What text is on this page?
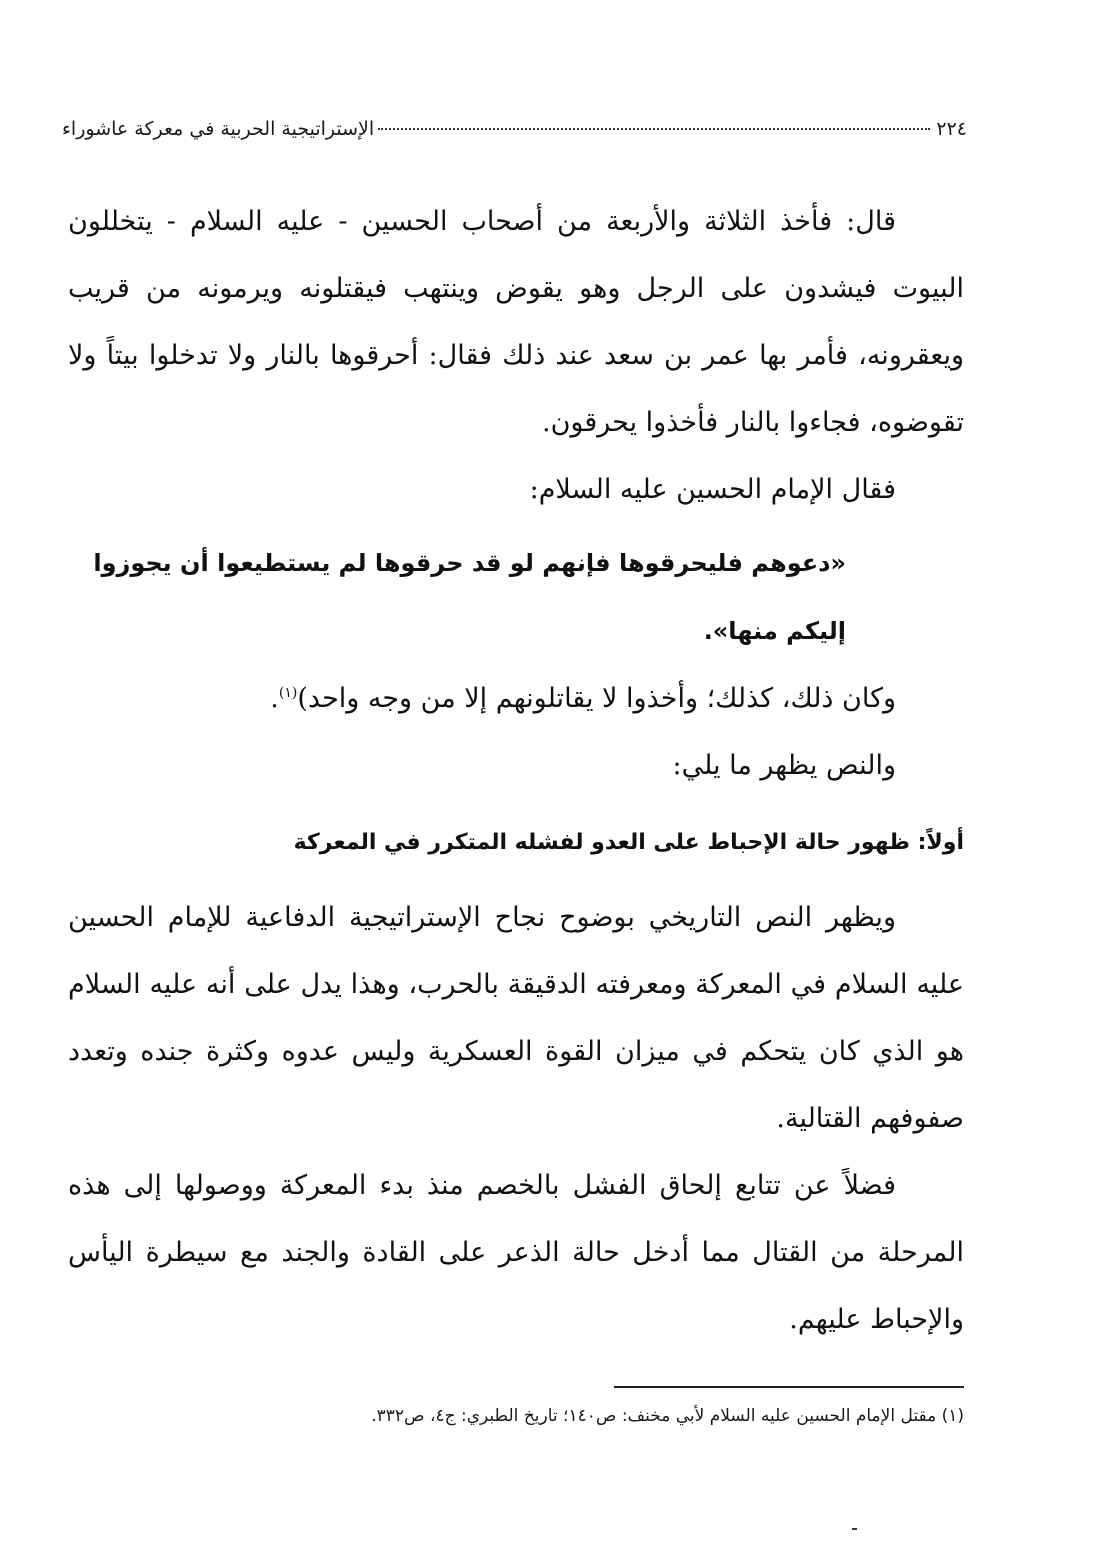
٢٢٤
الإستراتيجية الحربية في معركة عاشوراء

قال: فأخذ الثلاثة والأربعة من أصحاب الحسين - عليه السلام - يتخللون البيوت فيشدون على الرجل وهو يقوض وينتهب فيقتلونه ويرمونه من قريب ويعقرونه، فأمر بها عمر بن سعد عند ذلك فقال: أحرقوها بالنار ولا تدخلوا بيتاً ولا تقوضوه، فجاءوا بالنار فأخذوا يحرقون.

فقال الإمام الحسين عليه السلام:

«دعوهم فليحرقوها فإنهم لو قد حرقوها لم يستطيعوا أن يجوزوا إليكم منها».

وكان ذلك، كذلك؛ وأخذوا لا يقاتلونهم إلا من وجه واحد)$^{(١)}$.

والنص يظهر ما يلي:

أولاً: ظهور حالة الإحباط على العدو لفشله المتكرر في المعركة

ويظهر النص التاريخي بوضوح نجاح الإستراتيجية الدفاعية للإمام الحسين عليه السلام في المعركة ومعرفته الدقيقة بالحرب، وهذا يدل على أنه عليه السلام هو الذي كان يتحكم في ميزان القوة العسكرية وليس عدوه وكثرة جنده وتعدد صفوفهم القتالية.

فضلاً عن تتابع إلحاق الفشل بالخصم منذ بدء المعركة ووصولها إلى هذه المرحلة من القتال مما أدخل حالة الذعر على القادة والجند مع سيطرة اليأس والإحباط عليهم.

(١) مقتل الإمام الحسين عليه السلام لأبي مخنف: ص١٤٠؛ تاريخ الطبري: ج٤، ص٣٣٢.
